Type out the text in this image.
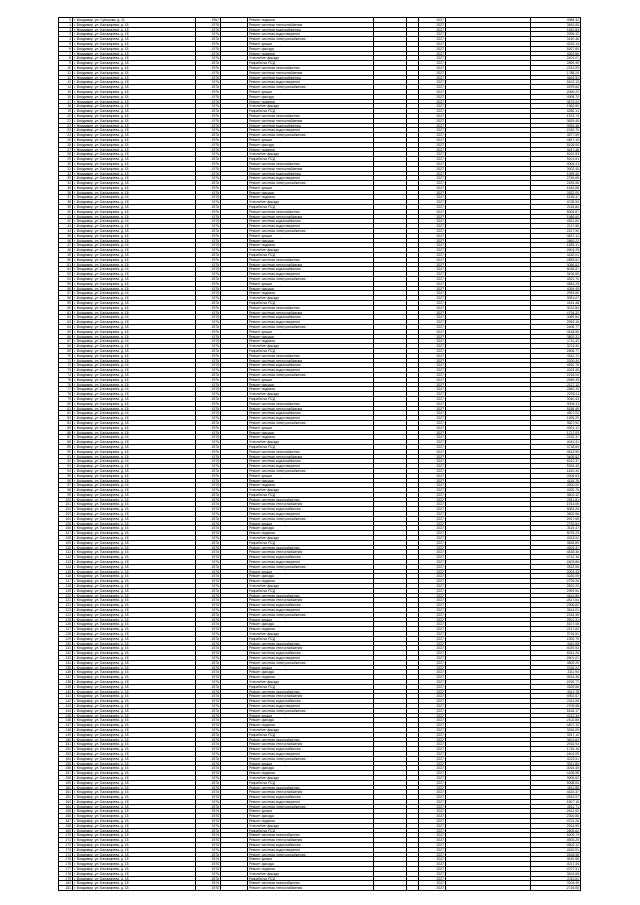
0 г. Владимир, ул. Суворова, д. 31	1967	Ремонт подвала	2027	4988,32
1 г. Владимир, ул. Балакирева, д. 18	1976	Ремонт системы теплоснабжения	2027	3463,05
2 г. Владимир, ул. Балакирева, д. 18	1976	Ремонт системы водоснабжения	2027	1842,85
3 г. Владимир, ул. Балакирева, д. 18	1976	Ремонт системы водоотведения	2027	2055,32
4 г. Владимир, ул. Балакирева, д. 18	1976	Ремонт системы электроснабжения	2027	3140,48
5 г. Владимир, ул. Балакирева, д. 18	1976	Ремонт крыши	2027	4010,14
6 г. Владимир, ул. Балакирева, д. 18	1976	Ремонт фасада	2027	5267,69
7 г. Владимир, ул. Балакирева, д. 18	1976	Ремонт подвала	2027	3302,66
8 г. Владимир, ул. Балакирева, д. 18	1976	Утепление фасада	2027	2401,07
9 г. Владимир, ул. Балакирева, д. 18	1976	Разработка ПСД	2027	2899,49
10 г. Владимир, ул. Балакирева, д. 18	1976	Ремонт системы газоснабжения	2027	2212,00
11 г. Владимир, ул. Балакирева, д. 18	1976	Ремонт системы теплоснабжения	2027	1788,24
12 г. Владимир, ул. Балакирева, д. 18	1976	Ремонт системы водоснабжения	2027	4604,92
13 г. Владимир, ул. Балакирева, д. 18	1976	Ремонт системы водоотведения	2027	5101,13
14 г. Владимир, ул. Балакирева, д. 18	1976	Ремонт системы электроснабжения	2027	2679,60
15 г. Владимир, ул. Балакирева, д. 18	1976	Ремонт крыши	2027	2066,22
16 г. Владимир, ул. Балакирева, д. 18	1976	Ремонт фасада	2027	4908,70
17 г. Владимир, ул. Балакирева, д. 18	1976	Ремонт подвала	2027	3573,24
18 г. Владимир, ул. Балакирева, д. 18	1976	Утепление фасада	2027	1962,80
19 г. Владимир, ул. Балакирева, д. 18	1976	Разработка ПСД	2027	4280,14
20 г. Владимир, ул. Балакирева, д. 18	1976	Ремонт системы газоснабжения	2027	1574,74
21 г. Владимир, ул. Балакирева, д. 18	1976	Ремонт системы теплоснабжения	2027	3829,49
22 г. Владимир, ул. Балакирева, д. 18	1976	Ремонт системы водоснабжения	2027	3993,38
23 г. Владимир, ул. Балакирева, д. 18	1976	Ремонт системы водоотведения	2027	2245,70
24 г. Владимир, ул. Балакирева, д. 18	1976	Ремонт системы электроснабжения	2027	4877,59
25 г. Владимир, ул. Балакирева, д. 18	1976	Ремонт крыши	2027	4547,10
26 г. Владимир, ул. Балакирева, д. 18	1976	Ремонт фасада	2027	5105,00
27 г. Владимир, ул. Балакирева, д. 18	1976	Ремонт подвала	2027	3047,48
28 г. Владимир, ул. Балакирева, д. 18	1976	Утепление фасада	2027	5012,93
29 г. Владимир, ул. Балакирева, д. 18	1976	Разработка ПСД	2027	5101,51
30 г. Владимир, ул. Балакирева, д. 18	1976	Ремонт системы газоснабжения	2027	4004,41
31 г. Владимир, ул. Балакирева, д. 18	1976	Ремонт системы теплоснабжения	2027	3002,40
32 г. Владимир, ул. Балакирева, д. 18	1976	Ремонт системы водоснабжения	2027	1939,40
33 г. Владимир, ул. Балакирева, д. 18	1976	Ремонт системы водоотведения	2027	2745,65
34 г. Владимир, ул. Балакирева, д. 18	1976	Ремонт системы электроснабжения	2027	2493,55
35 г. Владимир, ул. Балакирева, д. 18	1976	Ремонт крыши	2027	1810,68
36 г. Владимир, ул. Балакирева, д. 18	1976	Ремонт фасада	2027	2522,00
37 г. Владимир, ул. Балакирева, д. 18	1976	Ремонт подвала	2027	5135,47
38 г. Владимир, ул. Балакирева, д. 18	1976	Утепление фасада	2027	4728,53
39 г. Владимир, ул. Балакирева, д. 18	1976	Разработка ПСД	2027	2116,82
40 г. Владимир, ул. Балакирева, д. 18	1976	Ремонт системы газоснабжения	2027	5005,87
41 г. Владимир, ул. Балакирева, д. 18	1976	Ремонт системы теплоснабжения	2027	1966,60
42 г. Владимир, ул. Балакирева, д. 18	1976	Ремонт системы водоснабжения	2027	4521,60
43 г. Владимир, ул. Балакирева, д. 18	1976	Ремонт системы водоотведения	2027	2117,58
44 г. Владимир, ул. Балакирева, д. 18	1976	Ремонт системы электроснабжения	2027	2217,90
45 г. Владимир, ул. Балакирева, д. 18	1976	Ремонт крыши	2027	3637,12
46 г. Владимир, ул. Балакирева, д. 18	1976	Ремонт фасада	2027	2860,22
47 г. Владимир, ул. Балакирева, д. 18	1976	Ремонт подвала	2027	1839,31
48 г. Владимир, ул. Балакирева, д. 18	1976	Утепление фасада	2027	2604,25
49 г. Владимир, ул. Балакирева, д. 18	1976	Разработка ПСД	2027	4432,01
50 г. Владимир, ул. Балакирева, д. 18	1976	Ремонт системы газоснабжения	2027	2853,62
51 г. Владимир, ул. Балакирева, д. 18	1976	Ремонт системы теплоснабжения	2027	3066,62
52 г. Владимир, ул. Балакирева, д. 18	1976	Ремонт системы водоснабжения	2027	5036,87
53 г. Владимир, ул. Балакирева, д. 18	1976	Ремонт системы водоотведения	2027	3106,50
54 г. Владимир, ул. Балакирева, д. 18	1976	Ремонт системы электроснабжения	2027	4021,70
55 г. Владимир, ул. Балакирева, д. 18	1976	Ремонт крыши	2027	4564,25
56 г. Владимир, ул. Балакирева, д. 18	1976	Ремонт фасада	2027	4394,49
57 г. Владимир, ул. Балакирева, д. 18	1976	Ремонт подвала	2027	2993,50
58 г. Владимир, ул. Балакирева, д. 18	1976	Утепление фасада	2027	3051,67
59 г. Владимир, ул. Балакирева, д. 18	1976	Разработка ПСД	2027	4151,48
60 г. Владимир, ул. Балакирева, д. 18	1976	Ремонт системы газоснабжения	2027	3012,84
61 г. Владимир, ул. Балакирева, д. 18	1976	Ремонт системы теплоснабжения	2027	4734,32
62 г. Владимир, ул. Балакирева, д. 18	1976	Ремонт системы водоснабжения	2027	3089,54
63 г. Владимир, ул. Балакирева, д. 18	1976	Ремонт системы водоотведения	2027	2553,16
64 г. Владимир, ул. Балакирева, д. 18	1976	Ремонт системы электроснабжения	2027	2405,77
65 г. Владимир, ул. Балакирева, д. 18	1976	Ремонт крыши	2027	3418,50
66 г. Владимир, ул. Балакирева, д. 18	1976	Ремонт фасада	2027	3802,31
67 г. Владимир, ул. Балакирева, д. 18	1976	Ремонт подвала	2027	1711,42
68 г. Владимир, ул. Балакирева, д. 18	1976	Утепление фасада	2027	3213,30
69 г. Владимир, ул. Балакирева, д. 18	1976	Разработка ПСД	2027	2608,77
70 г. Владимир, ул. Балакирева, д. 18	1976	Ремонт системы газоснабжения	2027	3311,72
71 г. Владимир, ул. Балакирева, д. 18	1976	Ремонт системы теплоснабжения	2027	2200,40
72 г. Владимир, ул. Балакирева, д. 18	1976	Ремонт системы водоснабжения	2027	4520,75
73 г. Владимир, ул. Балакирева, д. 18	1976	Ремонт системы водоотведения	2027	4023,45
74 г. Владимир, ул. Балакирева, д. 18	1976	Ремонт системы электроснабжения	2027	2215,04
75 г. Владимир, ул. Балакирева, д. 18	1976	Ремонт крыши	2027	2659,45
76 г. Владимир, ул. Балакирева, д. 18	1976	Ремонт фасада	2027	2117,12
77 г. Владимир, ул. Балакирева, д. 18	1976	Ремонт подвала	2027	2880,33
78 г. Владимир, ул. Балакирева, д. 18	1976	Утепление фасада	2027	2209,11
79 г. Владимир, ул. Балакирева, д. 18	1976	Разработка ПСД	2027	3040,43
80 г. Владимир, ул. Балакирева, д. 18	1976	Ремонт системы газоснабжения	2027	3009,31
81 г. Владимир, ул. Балакирева, д. 18	1976	Ремонт системы теплоснабжения	2027	5156,49
82 г. Владимир, ул. Балакирева, д. 18	1976	Ремонт системы водоснабжения	2027	4507,02
83 г. Владимир, ул. Балакирева, д. 18	1976	Ремонт системы водоотведения	2027	1925,29
84 г. Владимир, ул. Балакирева, д. 18	1976	Ремонт системы электроснабжения	2027	3627,92
85 г. Владимир, ул. Балакирева, д. 18	1976	Ремонт крыши	2027	4001,12
86 г. Владимир, ул. Балакирева, д. 18	1976	Ремонт фасада	2027	1717,03
87 г. Владимир, ул. Балакирева, д. 18	1976	Ремонт подвала	2027	2232,37
88 г. Владимир, ул. Балакирева, д. 18	1976	Утепление фасада	2027	4041,41
89 г. Владимир, ул. Балакирева, д. 18	1976	Разработка ПСД	2027	4718,69
90 г. Владимир, ул. Балакирева, д. 18	1976	Ремонт системы газоснабжения	2027	4613,90
91 г. Владимир, ул. Балакирева, д. 18	1976	Ремонт системы теплоснабжения	2027	3405,52
92 г. Владимир, ул. Балакирева, д. 18	1976	Ремонт системы водоснабжения	2027	5212,37
93 г. Владимир, ул. Балакирева, д. 18	1976	Ремонт системы водоотведения	2027	5254,45
94 г. Владимир, ул. Балакирева, д. 18	1976	Ремонт системы электроснабжения	2027	1810,44
95 г. Владимир, ул. Балакирева, д. 18	1976	Ремонт крыши	2027	3306,63
96 г. Владимир, ул. Балакирева, д. 18	1976	Ремонт фасада	2027	4115,76
97 г. Владимир, ул. Балакирева, д. 18	1976	Ремонт подвала	2027	2500,00
98 г. Владимир, ул. Балакирева, д. 18	1976	Утепление фасада	2027	4920,75
99 г. Владимир, ул. Балакирева, д. 18	1976	Разработка ПСД	2027	3602,42
100 г. Владимир, ул. Балакирева, д. 18	1976	Ремонт системы газоснабжения	2027	2511,81
101 г. Владимир, ул. Балакирева, д. 18	1976	Ремонт системы теплоснабжения	2027	1913,69
102 г. Владимир, ул. Балакирева, д. 18	1976	Ремонт системы водоснабжения	2027	5081,26
103 г. Владимир, ул. Балакирева, д. 18	1976	Ремонт системы водоотведения	2027	3602,56
104 г. Владимир, ул. Балакирева, д. 18	1976	Ремонт системы электроснабжения	2027	2917,55
105 г. Владимир, ул. Балакирева, д. 18	1976	Ремонт крыши	2027	2720,64
106 г. Владимир, ул. Балакирева, д. 18	1976	Ремонт фасада	2027	3119,47
107 г. Владимир, ул. Балакирева, д. 18	1976	Ремонт подвала	2027	5076,23
108 г. Владимир, ул. Балакирева, д. 18	1976	Утепление фасада	2027	4913,02
109 г. Владимир, ул. Балакирева, д. 18	1976	Разработка ПСД	2027	3625,89
110 г. Владимир, ул. Балакирева, д. 18	1976	Ремонт системы газоснабжения	2027	4904,37
111 г. Владимир, ул. Балакирева, д. 18	1976	Ремонт системы теплоснабжения	2027	4818,36
112 г. Владимир, ул. Балакирева, д. 18	1976	Ремонт системы водоснабжения	2027	4712,16
113 г. Владимир, ул. Балакирева, д. 18	1976	Ремонт системы водоотведения	2027	2403,86
114 г. Владимир, ул. Балакирева, д. 18	1976	Ремонт системы электроснабжения	2027	4512,06
115 г. Владимир, ул. Балакирева, д. 18	1976	Ремонт крыши	2027	2004,43
116 г. Владимир, ул. Балакирева, д. 18	1976	Ремонт фасада	2027	3220,09
117 г. Владимир, ул. Балакирева, д. 18	1976	Ремонт подвала	2027	2709,26
118 г. Владимир, ул. Балакирева, д. 18	1976	Утепление фасада	2027	2822,20
119 г. Владимир, ул. Балакирева, д. 18	1976	Разработка ПСД	2027	2909,54
120 г. Владимир, ул. Балакирева, д. 18	1976	Ремонт системы газоснабжения	2027	4814,88
121 г. Владимир, ул. Балакирева, д. 18	1976	Ремонт системы теплоснабжения	2027	2817,64
122 г. Владимир, ул. Балакирева, д. 18	1976	Ремонт системы водоснабжения	2027	2906,62
123 г. Владимир, ул. Балакирева, д. 18	1976	Ремонт системы водоотведения	2027	3814,01
124 г. Владимир, ул. Балакирева, д. 18	1976	Ремонт системы электроснабжения	2027	2315,49
125 г. Владимир, ул. Балакирева, д. 18	1976	Ремонт крыши	2027	2501,31
126 г. Владимир, ул. Балакирева, д. 18	1976	Ремонт фасада	2027	5107,08
127 г. Владимир, ул. Балакирева, д. 18	1976	Ремонт подвала	2027	2217,62
128 г. Владимир, ул. Балакирева, д. 18	1976	Утепление фасада	2027	3716,91
129 г. Владимир, ул. Балакирева, д. 18	1976	Разработка ПСД	2027	1900,79
130 г. Владимир, ул. Балакирева, д. 18	1976	Ремонт системы газоснабжения	2027	3411,98
131 г. Владимир, ул. Балакирева, д. 18	1976	Ремонт системы теплоснабжения	2027	4019,53
132 г. Владимир, ул. Балакирева, д. 18	1976	Ремонт системы водоснабжения	2027	5241,26
133 г. Владимир, ул. Балакирева, д. 18	1976	Ремонт системы водоотведения	2027	2601,01
134 г. Владимир, ул. Балакирева, д. 18	1976	Ремонт системы электроснабжения	2027	4809,29
135 г. Владимир, ул. Балакирева, д. 18	1976	Ремонт крыши	2027	2216,22
136 г. Владимир, ул. Балакирева, д. 18	1976	Ремонт фасада	2027	3111,94
137 г. Владимир, ул. Балакирева, д. 18	1976	Ремонт подвала	2027	3914,46
138 г. Владимир, ул. Балакирева, д. 18	1976	Утепление фасада	2027	2219,77
139 г. Владимир, ул. Балакирева, д. 18	1976	Разработка ПСД	2027	4525,65
140 г. Владимир, ул. Балакирева, д. 18	1976	Ремонт системы газоснабжения	2027	3011,78
141 г. Владимир, ул. Балакирева, д. 18	1976	Ремонт системы теплоснабжения	2027	4902,67
142 г. Владимир, ул. Балакирева, д. 18	1976	Ремонт системы водоснабжения	2027	2411,06
143 г. Владимир, ул. Балакирева, д. 18	1976	Ремонт системы водоотведения	2027	2705,88
144 г. Владимир, ул. Балакирева, д. 18	1976	Ремонт системы электроснабжения	2027	5154,17
145 г. Владимир, ул. Балакирева, д. 18	1976	Ремонт крыши	2027	4212,34
146 г. Владимир, ул. Балакирева, д. 18	1976	Ремонт фасада	2027	2102,85
147 г. Владимир, ул. Балакирева, д. 18	1976	Ремонт подвала	2027	4407,10
148 г. Владимир, ул. Балакирева, д. 18	1976	Утепление фасада	2027	3316,09
149 г. Владимир, ул. Балакирева, д. 18	1976	Разработка ПСД	2027	3917,10
150 г. Владимир, ул. Балакирева, д. 18	1976	Ремонт системы газоснабжения	2027	3401,64
151 г. Владимир, ул. Балакирева, д. 18	1976	Ремонт системы теплоснабжения	2027	2916,93
152 г. Владимир, ул. Балакирева, д. 18	1976	Ремонт системы водоснабжения	2027	1716,16
153 г. Владимир, ул. Балакирева, д. 18	1976	Ремонт системы водоотведения	2027	2404,09
154 г. Владимир, ул. Балакирева, д. 18	1976	Ремонт системы электроснабжения	2027	4223,51
155 г. Владимир, ул. Балакирева, д. 18	1976	Ремонт крыши	2027	3521,80
156 г. Владимир, ул. Балакирева, д. 18	1976	Ремонт фасада	2027	3015,45
157 г. Владимир, ул. Балакирева, д. 18	1976	Ремонт подвала	2027	4106,98
158 г. Владимир, ул. Балакирева, д. 18	1976	Утепление фасада	2027	3906,92
159 г. Владимир, ул. Балакирева, д. 18	1976	Разработка ПСД	2027	5008,63
160 г. Владимир, ул. Балакирева, д. 18	1976	Ремонт системы газоснабжения	2027	4011,88
161 г. Владимир, ул. Балакирева, д. 18	1976	Ремонт системы теплоснабжения	2027	4424,37
162 г. Владимир, ул. Балакирева, д. 18	1976	Ремонт системы водоснабжения	2027	2810,07
163 г. Владимир, ул. Балакирева, д. 18	1976	Ремонт системы водоотведения	2027	1807,15
164 г. Владимир, ул. Балакирева, д. 18	1976	Ремонт системы электроснабжения	2027	4511,71
165 г. Владимир, ул. Балакирева, д. 18	1976	Ремонт крыши	2027	2612,82
166 г. Владимир, ул. Балакирева, д. 18	1976	Ремонт фасада	2027	2300,86
167 г. Владимир, ул. Балакирева, д. 18	1976	Ремонт подвала	2027	4701,26
168 г. Владимир, ул. Балакирева, д. 18	1976	Утепление фасада	2027	2514,99
169 г. Владимир, ул. Балакирева, д. 18	1976	Разработка ПСД	2027	2605,62
170 г. Владимир, ул. Балакирева, д. 18	1976	Ремонт системы газоснабжения	2027	5209,73
171 г. Владимир, ул. Балакирева, д. 18	1976	Ремонт системы теплоснабжения	2027	3505,25
172 г. Владимир, ул. Балакирева, д. 18	1976	Ремонт системы водоснабжения	2027	4504,12
173 г. Владимир, ул. Балакирева, д. 18	1976	Ремонт системы водоотведения	2027	4310,91
174 г. Владимир, ул. Балакирева, д. 18	1976	Ремонт системы электроснабжения	2027	2818,58
175 г. Владимир, ул. Балакирева, д. 18	1976	Ремонт крыши	2027	3519,58
176 г. Владимир, ул. Балакирева, д. 18	1976	Ремонт фасада	2027	4017,44
177 г. Владимир, ул. Балакирева, д. 18	1976	Ремонт подвала	2027	4707,91
178 г. Владимир, ул. Балакирева, д. 18	1976	Утепление фасада	2027	3624,65
179 г. Владимир, ул. Балакирева, д. 18	1976	Разработка ПСД	2027	2111,81
180 г. Владимир, ул. Балакирева, д. 18	1976	Ремонт системы газоснабжения	2027	3203,49
181 г. Владимир, ул. Балакирева, д. 18	1976	Ремонт системы теплоснабжения	2027	2715,05
